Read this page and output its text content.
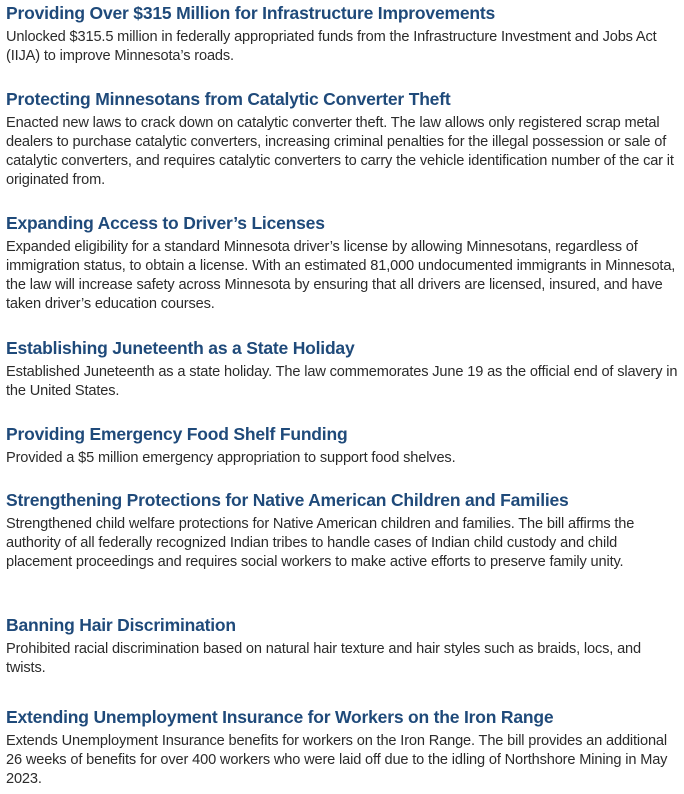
Providing Over $315 Million for Infrastructure Improvements

Unlocked $315.5 million in federally appropriated funds from the Infrastructure Investment and Jobs Act (IIJA) to improve Minnesota’s roads.

Protecting Minnesotans from Catalytic Converter Theft

Enacted new laws to crack down on catalytic converter theft. The law allows only registered scrap metal dealers to purchase catalytic converters, increasing criminal penalties for the illegal possession or sale of catalytic converters, and requires catalytic converters to carry the vehicle identification number of the car it originated from.

Expanding Access to Driver’s Licenses

Expanded eligibility for a standard Minnesota driver’s license by allowing Minnesotans, regardless of immigration status, to obtain a license. With an estimated 81,000 undocumented immigrants in Minnesota, the law will increase safety across Minnesota by ensuring that all drivers are licensed, insured, and have taken driver’s education courses.

Establishing Juneteenth as a State Holiday

Established Juneteenth as a state holiday. The law commemorates June 19 as the official end of slavery in the United States.

Providing Emergency Food Shelf Funding

Provided a $5 million emergency appropriation to support food shelves.

Strengthening Protections for Native American Children and Families

Strengthened child welfare protections for Native American children and families. The bill affirms the authority of all federally recognized Indian tribes to handle cases of Indian child custody and child placement proceedings and requires social workers to make active efforts to preserve family unity.

Banning Hair Discrimination

Prohibited racial discrimination based on natural hair texture and hair styles such as braids, locs, and twists.

Extending Unemployment Insurance for Workers on the Iron Range

Extends Unemployment Insurance benefits for workers on the Iron Range. The bill provides an additional 26 weeks of benefits for over 400 workers who were laid off due to the idling of Northshore Mining in May 2023.
